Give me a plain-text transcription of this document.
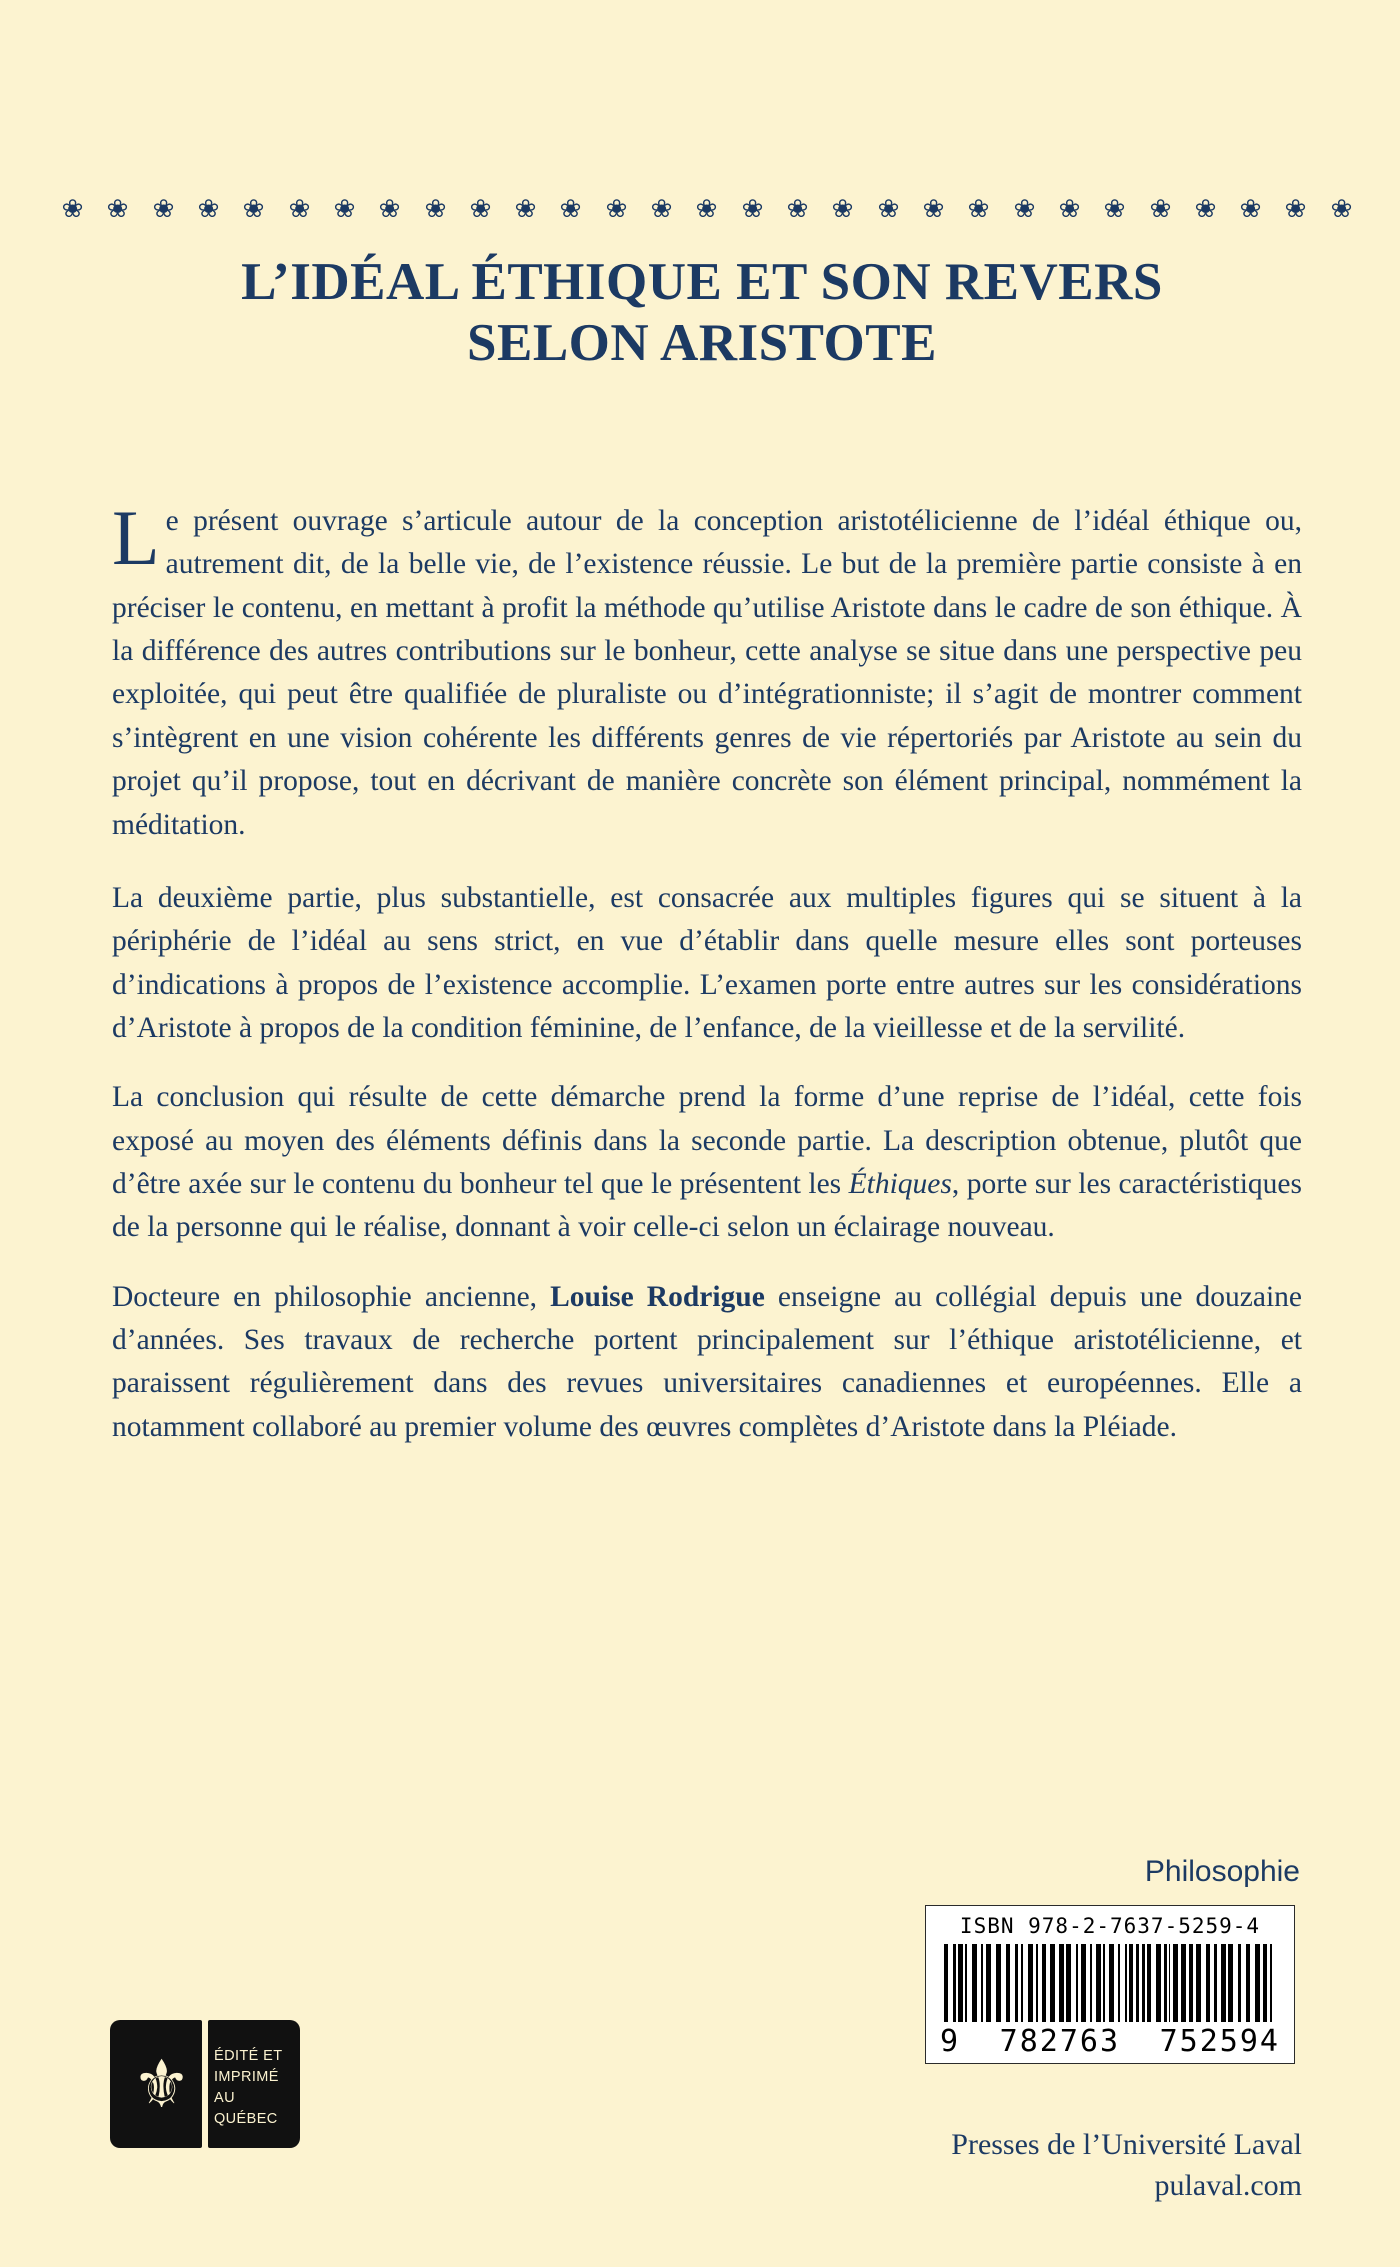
❀ ❀ ❀ ❀ ❀ ❀ ❀ ❀ ❀ ❀ ❀ ❀ ❀ ❀ ❀ ❀ ❀ ❀ ❀ ❀ ❀ ❀ ❀ ❀ ❀ ❀ ❀ ❀ ❀
L’IDÉAL ÉTHIQUE ET SON REVERS
SELON ARISTOTE

Le présent ouvrage s’articule autour de la conception aristotélicienne de l’idéal éthique ou, autrement dit, de la belle vie, de l’existence réussie. Le but de la première partie consiste à en préciser le contenu, en mettant à profit la méthode qu’utilise Aristote dans le cadre de son éthique. À la différence des autres contributions sur le bonheur, cette analyse se situe dans une perspective peu exploitée, qui peut être qualifiée de pluraliste ou d’intégrationniste; il s’agit de montrer comment s’intègrent en une vision cohérente les différents genres de vie répertoriés par Aristote au sein du projet qu’il propose, tout en décrivant de manière concrète son élément principal, nommément la méditation.

La deuxième partie, plus substantielle, est consacrée aux multiples figures qui se situent à la périphérie de l’idéal au sens strict, en vue d’établir dans quelle mesure elles sont porteuses d’indications à propos de l’existence accomplie. L’examen porte entre autres sur les considérations d’Aristote à propos de la condition féminine, de l’enfance, de la vieillesse et de la servilité.

La conclusion qui résulte de cette démarche prend la forme d’une reprise de l’idéal, cette fois exposé au moyen des éléments définis dans la seconde partie. La description obtenue, plutôt que d’être axée sur le contenu du bonheur tel que le présentent les Éthiques, porte sur les caractéristiques de la personne qui le réalise, donnant à voir celle-ci selon un éclairage nouveau.

Docteure en philosophie ancienne, Louise Rodrigue enseigne au collégial depuis une douzaine d’années. Ses travaux de recherche portent principalement sur l’éthique aristotélicienne, et paraissent régulièrement dans des revues universitaires canadiennes et européennes. Elle a notamment collaboré au premier volume des œuvres complètes d’Aristote dans la Pléiade.

Philosophie
ISBN 978-2-7637-5259-4
9 782763 752594
Presses de l’Université Laval
pulaval.com
⚜ ÉDITÉ ET
IMPRIMÉ
AU QUÉBEC
